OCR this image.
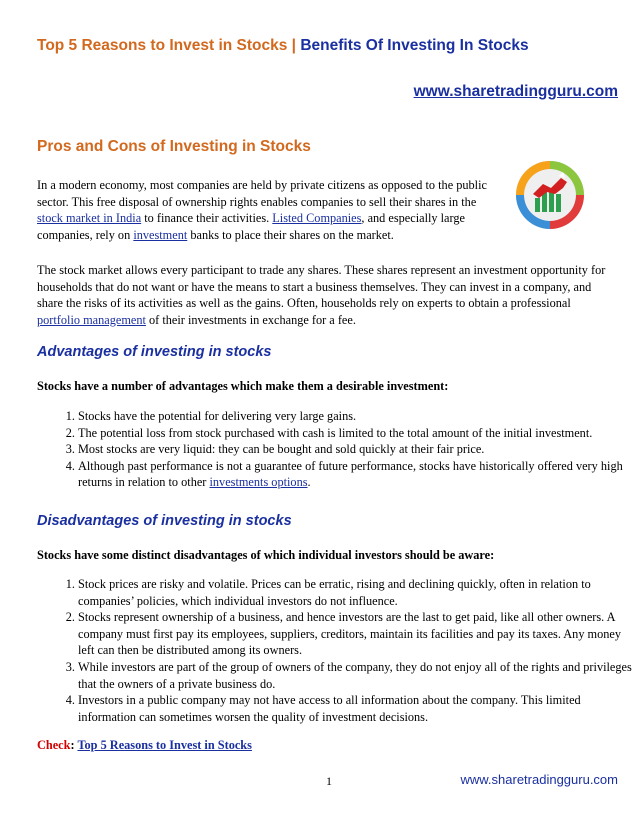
Top 5 Reasons to Invest in Stocks | Benefits Of Investing In Stocks
www.sharetradingguru.com
Pros and Cons of Investing in Stocks
In a modern economy, most companies are held by private citizens as opposed to the public sector. This free disposal of ownership rights enables companies to sell their shares in the stock market in India to finance their activities. Listed Companies, and especially large companies, rely on investment banks to place their shares on the market.
The stock market allows every participant to trade any shares. These shares represent an investment opportunity for households that do not want or have the means to start a business themselves. They can invest in a company, and share the risks of its activities as well as the gains. Often, households rely on experts to obtain a professional portfolio management of their investments in exchange for a fee.
Advantages of investing in stocks
Stocks have a number of advantages which make them a desirable investment:
1. Stocks have the potential for delivering very large gains.
2. The potential loss from stock purchased with cash is limited to the total amount of the initial investment.
3. Most stocks are very liquid: they can be bought and sold quickly at their fair price.
4. Although past performance is not a guarantee of future performance, stocks have historically offered very high returns in relation to other investments options.
Disadvantages of investing in stocks
Stocks have some distinct disadvantages of which individual investors should be aware:
1. Stock prices are risky and volatile. Prices can be erratic, rising and declining quickly, often in relation to companies’ policies, which individual investors do not influence.
2. Stocks represent ownership of a business, and hence investors are the last to get paid, like all other owners. A company must first pay its employees, suppliers, creditors, maintain its facilities and pay its taxes. Any money left can then be distributed among its owners.
3. While investors are part of the group of owners of the company, they do not enjoy all of the rights and privileges that the owners of a private business do.
4. Investors in a public company may not have access to all information about the company. This limited information can sometimes worsen the quality of investment decisions.
Check: Top 5 Reasons to Invest in Stocks
1	www.sharetradingguru.com
